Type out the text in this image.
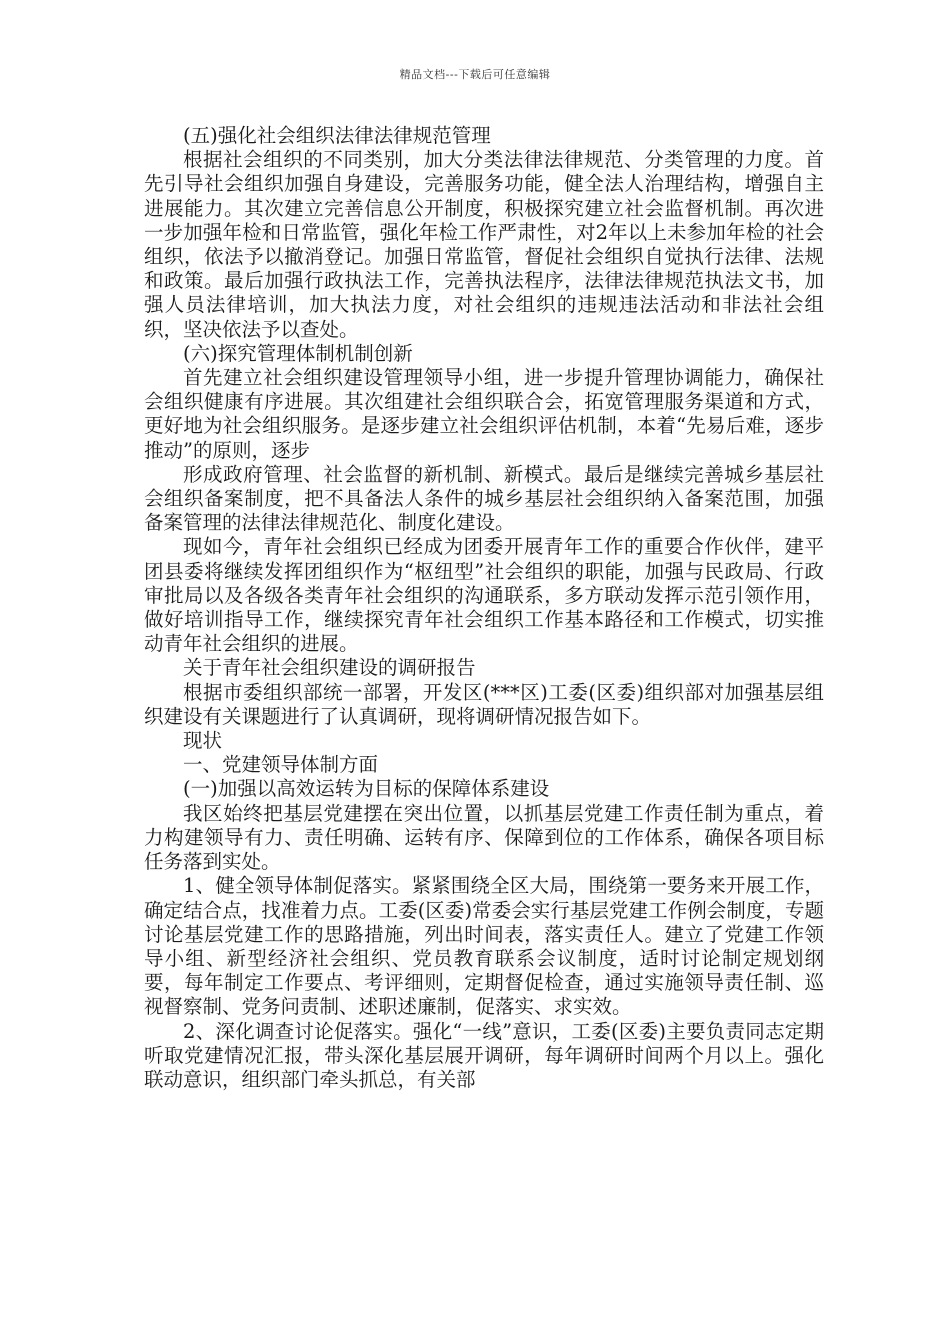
精品文档---下载后可任意编辑

(五)强化社会组织法律法律规范管理

根据社会组织的不同类别，加大分类法律法律规范、分类管理的力度。首先引导社会组织加强自身建设，完善服务功能，健全法人治理结构，增强自主进展能力。其次建立完善信息公开制度，积极探究建立社会监督机制。再次进一步加强年检和日常监管，强化年检工作严肃性，对2年以上未参加年检的社会组织，依法予以撤消登记。加强日常监管，督促社会组织自觉执行法律、法规和政策。最后加强行政执法工作，完善执法程序，法律法律规范执法文书，加强人员法律培训，加大执法力度，对社会组织的违规违法活动和非法社会组织，坚决依法予以查处。

(六)探究管理体制机制创新

首先建立社会组织建设管理领导小组，进一步提升管理协调能力，确保社会组织健康有序进展。其次组建社会组织联合会，拓宽管理服务渠道和方式，更好地为社会组织服务。是逐步建立社会组织评估机制，本着“先易后难，逐步推动”的原则，逐步

形成政府管理、社会监督的新机制、新模式。最后是继续完善城乡基层社会组织备案制度，把不具备法人条件的城乡基层社会组织纳入备案范围，加强备案管理的法律法律规范化、制度化建设。

现如今，青年社会组织已经成为团委开展青年工作的重要合作伙伴，建平团县委将继续发挥团组织作为“枢纽型”社会组织的职能，加强与民政局、行政审批局以及各级各类青年社会组织的沟通联系，多方联动发挥示范引领作用，做好培训指导工作，继续探究青年社会组织工作基本路径和工作模式，切实推动青年社会组织的进展。

关于青年社会组织建设的调研报告

根据市委组织部统一部署，开发区(***区)工委(区委)组织部对加强基层组织建设有关课题进行了认真调研，现将调研情况报告如下。

现状

一、党建领导体制方面

(一)加强以高效运转为目标的保障体系建设

我区始终把基层党建摆在突出位置，以抓基层党建工作责任制为重点，着力构建领导有力、责任明确、运转有序、保障到位的工作体系，确保各项目标任务落到实处。

1、健全领导体制促落实。紧紧围绕全区大局，围绕第一要务来开展工作，确定结合点，找准着力点。工委(区委)常委会实行基层党建工作例会制度，专题讨论基层党建工作的思路措施，列出时间表，落实责任人。建立了党建工作领导小组、新型经济社会组织、党员教育联系会议制度，适时讨论制定规划纲要，每年制定工作要点、考评细则，定期督促检查，通过实施领导责任制、巡视督察制、党务问责制、述职述廉制，促落实、求实效。

2、深化调查讨论促落实。强化“一线”意识，工委(区委)主要负责同志定期听取党建情况汇报，带头深化基层展开调研，每年调研时间两个月以上。强化联动意识，组织部门牵头抓总，有关部
